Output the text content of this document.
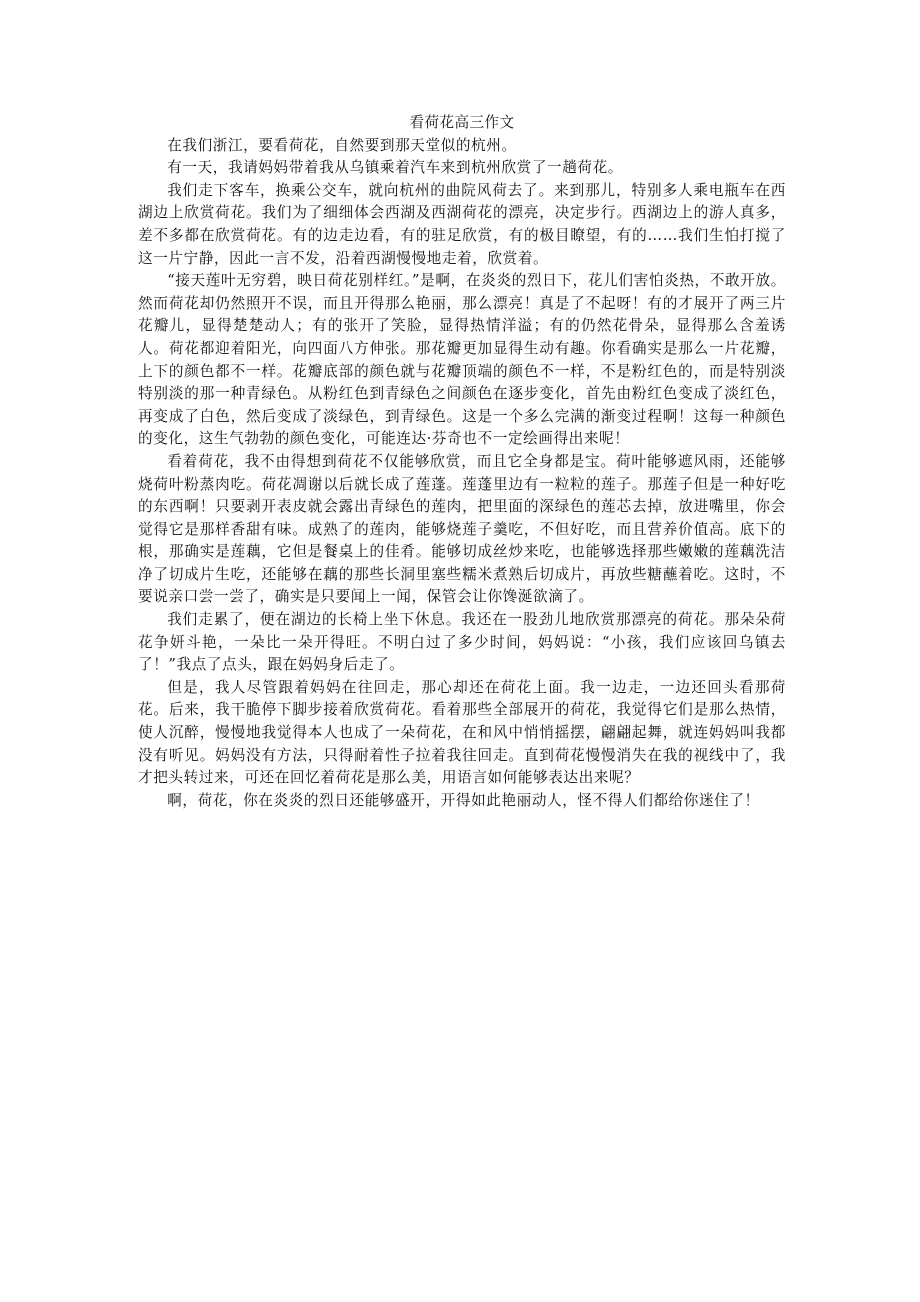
看荷花高三作文

在我们浙江，要看荷花，自然要到那天堂似的杭州。

有一天，我请妈妈带着我从乌镇乘着汽车来到杭州欣赏了一趟荷花。

我们走下客车，换乘公交车，就向杭州的曲院风荷去了。来到那儿，特别多人乘电瓶车在西湖边上欣赏荷花。我们为了细细体会西湖及西湖荷花的漂亮，决定步行。西湖边上的游人真多，差不多都在欣赏荷花。有的边走边看，有的驻足欣赏，有的极目瞭望，有的……我们生怕打搅了这一片宁静，因此一言不发，沿着西湖慢慢地走着，欣赏着。

“接天莲叶无穷碧，映日荷花别样红。”是啊，在炎炎的烈日下，花儿们害怕炎热，不敢开放。然而荷花却仍然照开不误，而且开得那么艳丽，那么漂亮！真是了不起呀！有的才展开了两三片花瓣儿，显得楚楚动人；有的张开了笑脸，显得热情洋溢；有的仍然花骨朵，显得那么含羞诱人。荷花都迎着阳光，向四面八方伸张。那花瓣更加显得生动有趣。你看确实是那么一片花瓣，上下的颜色都不一样。花瓣底部的颜色就与花瓣顶端的颜色不一样，不是粉红色的，而是特别淡特别淡的那一种青绿色。从粉红色到青绿色之间颜色在逐步变化，首先由粉红色变成了淡红色，再变成了白色，然后变成了淡绿色，到青绿色。这是一个多么完满的渐变过程啊！这每一种颜色的变化，这生气勃勃的颜色变化，可能连达·芬奇也不一定绘画得出来呢！

看着荷花，我不由得想到荷花不仅能够欣赏，而且它全身都是宝。荷叶能够遮风雨，还能够烧荷叶粉蒸肉吃。荷花凋谢以后就长成了莲蓬。莲蓬里边有一粒粒的莲子。那莲子但是一种好吃的东西啊！只要剥开表皮就会露出青绿色的莲肉，把里面的深绿色的莲芯去掉，放进嘴里，你会觉得它是那样香甜有味。成熟了的莲肉，能够烧莲子羹吃，不但好吃，而且营养价值高。底下的根，那确实是莲藕，它但是餐桌上的佳肴。能够切成丝炒来吃，也能够选择那些嫩嫩的莲藕洗洁净了切成片生吃，还能够在藕的那些长洞里塞些糯米煮熟后切成片，再放些糖蘸着吃。这时，不要说亲口尝一尝了，确实是只要闻上一闻，保管会让你馋涎欲滴了。

我们走累了，便在湖边的长椅上坐下休息。我还在一股劲儿地欣赏那漂亮的荷花。那朵朵荷花争妍斗艳，一朵比一朵开得旺。不明白过了多少时间，妈妈说：“小孩，我们应该回乌镇去了！”我点了点头，跟在妈妈身后走了。

但是，我人尽管跟着妈妈在往回走，那心却还在荷花上面。我一边走，一边还回头看那荷花。后来，我干脆停下脚步接着欣赏荷花。看着那些全部展开的荷花，我觉得它们是那么热情，使人沉醉，慢慢地我觉得本人也成了一朵荷花，在和风中悄悄摇摆，翩翩起舞，就连妈妈叫我都没有听见。妈妈没有方法，只得耐着性子拉着我往回走。直到荷花慢慢消失在我的视线中了，我才把头转过来，可还在回忆着荷花是那么美，用语言如何能够表达出来呢？

啊，荷花，你在炎炎的烈日还能够盛开，开得如此艳丽动人，怪不得人们都给你迷住了！
